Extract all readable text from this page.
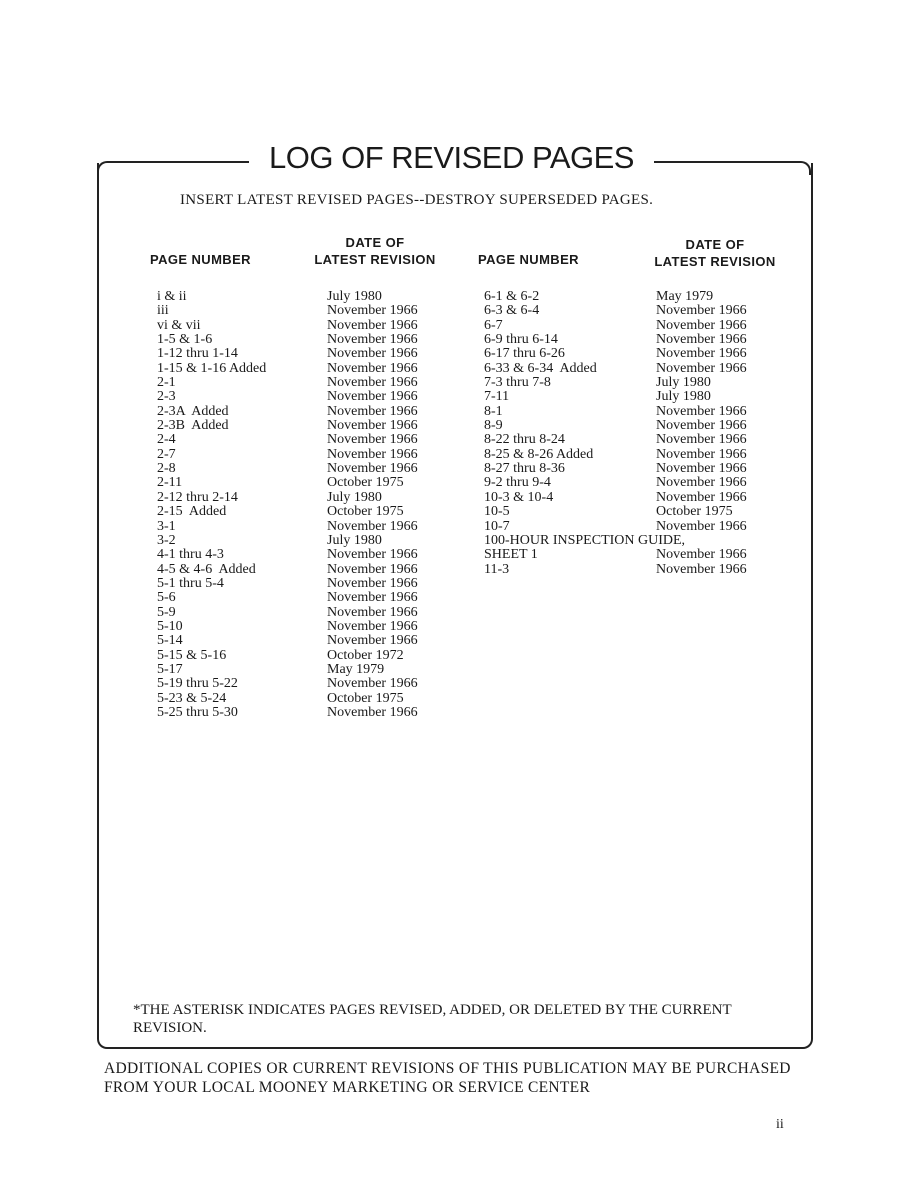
LOG OF REVISED PAGES
INSERT LATEST REVISED PAGES--DESTROY SUPERSEDED PAGES.
PAGE NUMBER
DATE OF
LATEST REVISION	PAGE NUMBER
DATE OF
LATEST REVISION
i & ii
iii
vi & vii
1-5 & 1-6
1-12 thru 1-14
1-15 & 1-16 Added
2-1
2-3
2-3A  Added
2-3B  Added
2-4
2-7
2-8
2-11
2-12 thru 2-14
2-15  Added
3-1
3-2
4-1 thru 4-3
4-5 & 4-6  Added
5-1 thru 5-4
5-6
5-9
5-10
5-14
5-15 & 5-16
5-17
5-19 thru 5-22
5-23 & 5-24
5-25 thru 5-30
July 1980
November 1966
November 1966
November 1966
November 1966
November 1966
November 1966
November 1966
November 1966
November 1966
November 1966
November 1966
November 1966
October 1975
July 1980
October 1975
November 1966
July 1980
November 1966
November 1966
November 1966
November 1966
November 1966
November 1966
November 1966
October 1972
May 1979
November 1966
October 1975
November 1966
6-1 & 6-2
6-3 & 6-4
6-7
6-9 thru 6-14
6-17 thru 6-26
6-33 & 6-34  Added
7-3 thru 7-8
7-11
8-1
8-9
8-22 thru 8-24
8-25 & 8-26 Added
8-27 thru 8-36
9-2 thru 9-4
10-3 & 10-4
10-5
10-7
100-HOUR INSPECTION GUIDE,
SHEET 1
11-3
May 1979
November 1966
November 1966
November 1966
November 1966
November 1966
July 1980
July 1980
November 1966
November 1966
November 1966
November 1966
November 1966
November 1966
November 1966
October 1975
November 1966
November 1966
November 1966
*THE ASTERISK INDICATES PAGES REVISED, ADDED, OR DELETED BY THE CURRENT REVISION.
ADDITIONAL COPIES OR CURRENT REVISIONS OF THIS PUBLICATION MAY BE PURCHASED FROM YOUR LOCAL MOONEY MARKETING OR SERVICE CENTER
ii
